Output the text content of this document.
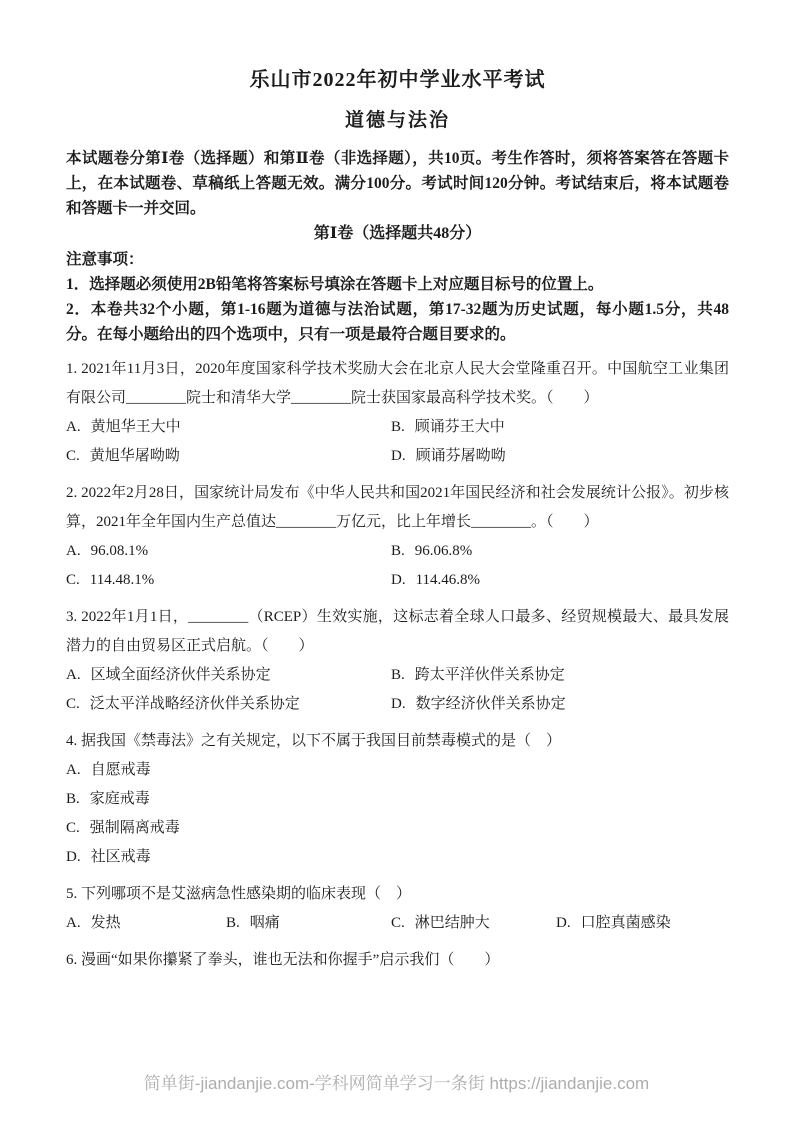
乐山市2022年初中学业水平考试
道德与法治

本试题卷分第Ⅰ卷（选择题）和第Ⅱ卷（非选择题），共10页。考生作答时，须将答案答在答题卡上，在本试题卷、草稿纸上答题无效。满分100分。考试时间120分钟。考试结束后，将本试题卷和答题卡一并交回。

第Ⅰ卷（选择题共48分）

注意事项：

1．选择题必须使用2B铅笔将答案标号填涂在答题卡上对应题目标号的位置上。

2．本卷共32个小题，第1-16题为道德与法治试题，第17-32题为历史试题，每小题1.5分，共48分。在每小题给出的四个选项中，只有一项是最符合题目要求的。

1. 2021年11月3日，2020年度国家科学技术奖励大会在北京人民大会堂隆重召开。中国航空工业集团有限公司________院士和清华大学________院士获国家最高科学技术奖。（　　）

A. 黄旭华王大中	B. 顾诵芬王大中
C. 黄旭华屠呦呦	D. 顾诵芬屠呦呦

2. 2022年2月28日，国家统计局发布《中华人民共和国2021年国民经济和社会发展统计公报》。初步核算，2021年全年国内生产总值达________万亿元，比上年增长________。（　　）

A. 96.08.1%	B. 96.06.8%
C. 114.48.1%	D. 114.46.8%

3. 2022年1月1日，________（RCEP）生效实施，这标志着全球人口最多、经贸规模最大、最具发展潜力的自由贸易区正式启航。（　　）

A. 区域全面经济伙伴关系协定	B. 跨太平洋伙伴关系协定
C. 泛太平洋战略经济伙伴关系协定	D. 数字经济伙伴关系协定

4. 据我国《禁毒法》之有关规定，以下不属于我国目前禁毒模式的是（　）

A. 自愿戒毒
B. 家庭戒毒
C. 强制隔离戒毒
D. 社区戒毒

5. 下列哪项不是艾滋病急性感染期的临床表现（　）

A. 发热	B. 咽痛	C. 淋巴结肿大	D. 口腔真菌感染

6. 漫画“如果你攥紧了拳头，谁也无法和你握手”启示我们（　　）

简单街-jiandanjie.com-学科网简单学习一条街 https://jiandanjie.com
